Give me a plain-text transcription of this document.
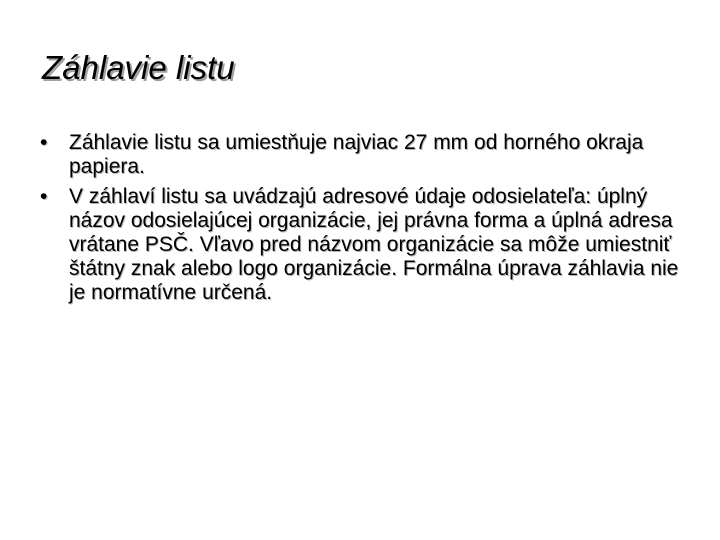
Záhlavie listu
•	Záhlavie listu sa umiestňuje najviac 27 mm od horného okraja papiera.
•	V záhlaví listu sa uvádzajú adresové údaje odosielateľa: úplný názov odosielajúcej organizácie, jej právna forma a úplná adresa vrátane PSČ. Vľavo pred názvom organizácie sa môže umiestniť štátny znak alebo logo organizácie. Formálna úprava záhlavia nie je normatívne určená.
